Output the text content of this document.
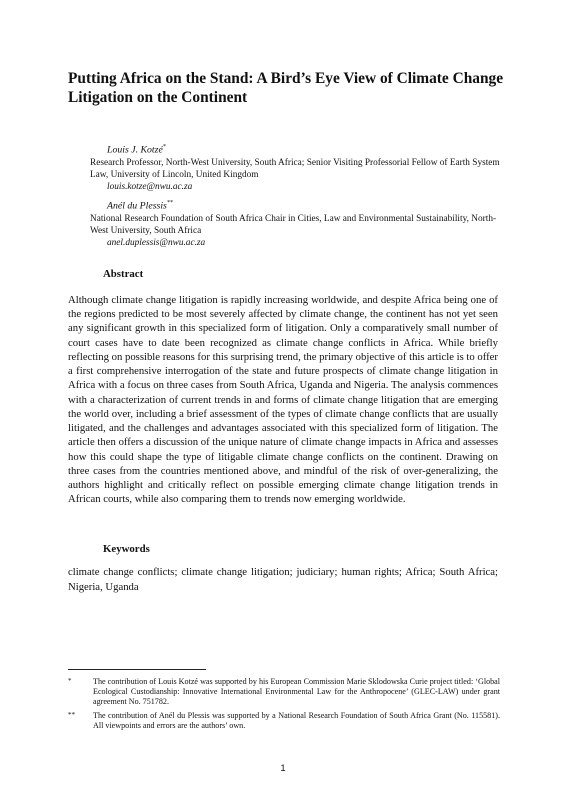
Putting Africa on the Stand: A Bird’s Eye View of Climate Change Litigation on the Continent
Louis J. Kotzé*
Research Professor, North-West University, South Africa; Senior Visiting Professorial Fellow of Earth System Law, University of Lincoln, United Kingdom
louis.kotze@nwu.ac.za
Anél du Plessis**
National Research Foundation of South Africa Chair in Cities, Law and Environmental Sustainability, North-West University, South Africa
anel.duplessis@nwu.ac.za
Abstract
Although climate change litigation is rapidly increasing worldwide, and despite Africa being one of the regions predicted to be most severely affected by climate change, the continent has not yet seen any significant growth in this specialized form of litigation. Only a comparatively small number of court cases have to date been recognized as climate change conflicts in Africa. While briefly reflecting on possible reasons for this surprising trend, the primary objective of this article is to offer a first comprehensive interrogation of the state and future prospects of climate change litigation in Africa with a focus on three cases from South Africa, Uganda and Nigeria. The analysis commences with a characterization of current trends in and forms of climate change litigation that are emerging the world over, including a brief assessment of the types of climate change conflicts that are usually litigated, and the challenges and advantages associated with this specialized form of litigation. The article then offers a discussion of the unique nature of climate change impacts in Africa and assesses how this could shape the type of litigable climate change conflicts on the continent. Drawing on three cases from the countries mentioned above, and mindful of the risk of over-generalizing, the authors highlight and critically reflect on possible emerging climate change litigation trends in African courts, while also comparing them to trends now emerging worldwide.
Keywords
climate change conflicts; climate change litigation; judiciary; human rights; Africa; South Africa; Nigeria, Uganda
*	The contribution of Louis Kotzé was supported by his European Commission Marie Sklodowska Curie project titled: ‘Global Ecological Custodianship: Innovative International Environmental Law for the Anthropocene’ (GLEC-LAW) under grant agreement No. 751782.
** The contribution of Anél du Plessis was supported by a National Research Foundation of South Africa Grant (No. 115581). All viewpoints and errors are the authors’ own.
1
